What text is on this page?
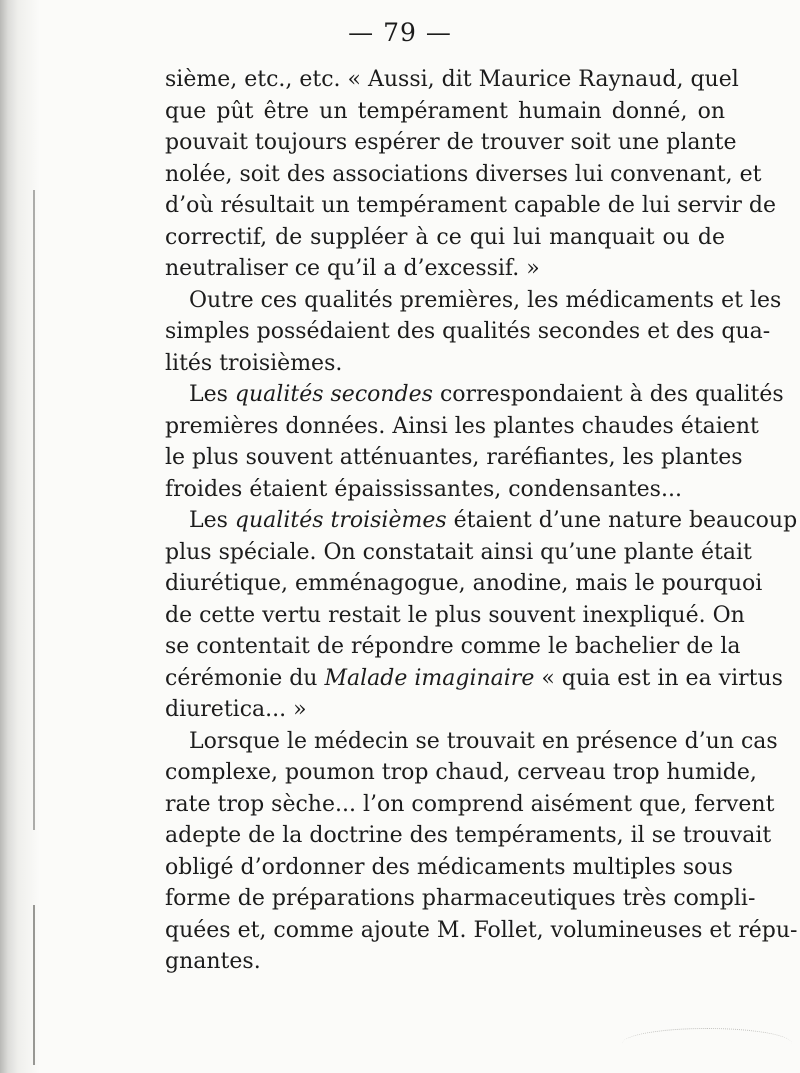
— 79 —
sième, etc., etc. « Aussi, dit Maurice Raynaud, quel
que pût être un tempérament humain donné, on
pouvait toujours espérer de trouver soit une plante
nolée, soit des associations diverses lui convenant, et
d’où résultait un tempérament capable de lui servir de
correctif, de suppléer à ce qui lui manquait ou de
neutraliser ce qu’il a d’excessif. »
Outre ces qualités premières, les médicaments et les
simples possédaient des qualités secondes et des qua-
lités troisièmes.
Les qualités secondes correspondaient à des qualités
premières données. Ainsi les plantes chaudes étaient
le plus souvent atténuantes, raréfiantes, les plantes
froides étaient épaississantes, condensantes...
Les qualités troisièmes étaient d’une nature beaucoup
plus spéciale. On constatait ainsi qu’une plante était
diurétique, emménagogue, anodine, mais le pourquoi
de cette vertu restait le plus souvent inexpliqué. On
se contentait de répondre comme le bachelier de la
cérémonie du Malade imaginaire « quia est in ea virtus
diuretica... »
Lorsque le médecin se trouvait en présence d’un cas
complexe, poumon trop chaud, cerveau trop humide,
rate trop sèche... l’on comprend aisément que, fervent
adepte de la doctrine des tempéraments, il se trouvait
obligé d’ordonner des médicaments multiples sous
forme de préparations pharmaceutiques très compli-
quées et, comme ajoute M. Follet, volumineuses et répu-
gnantes.
